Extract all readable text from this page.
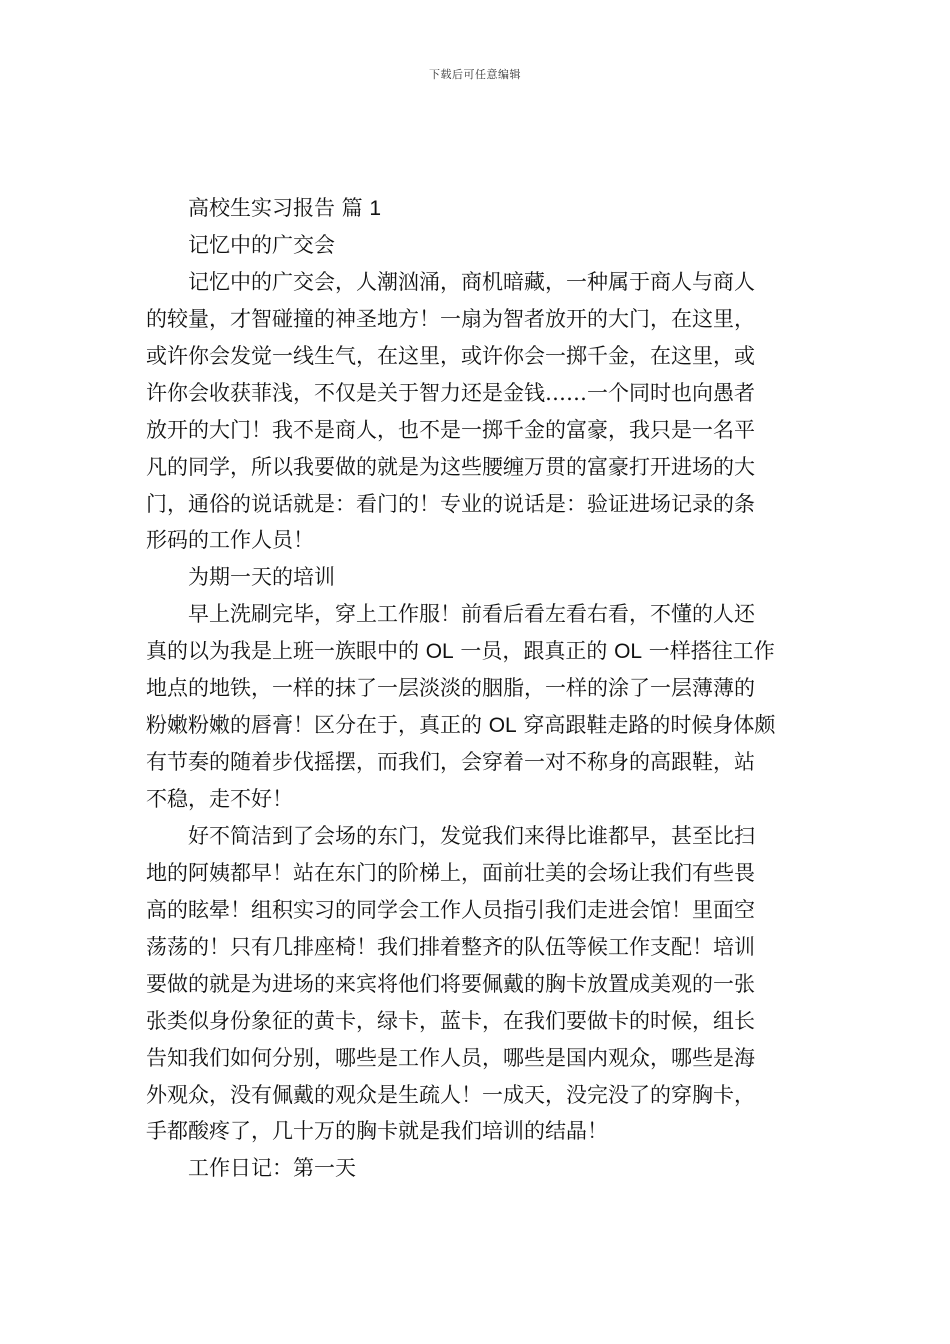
下载后可任意编辑
高校生实习报告 篇 1
记忆中的广交会
记忆中的广交会，人潮汹涌，商机暗藏，一种属于商人与商人
的较量，才智碰撞的神圣地方！一扇为智者放开的大门，在这里，
或许你会发觉一线生气，在这里，或许你会一掷千金，在这里，或
许你会收获菲浅，不仅是关于智力还是金钱……一个同时也向愚者
放开的大门！我不是商人，也不是一掷千金的富豪，我只是一名平
凡的同学，所以我要做的就是为这些腰缠万贯的富豪打开进场的大
门，通俗的说话就是：看门的！专业的说话是：验证进场记录的条
形码的工作人员！
为期一天的培训
早上洗刷完毕，穿上工作服！前看后看左看右看，不懂的人还
真的以为我是上班一族眼中的 OL 一员，跟真正的 OL 一样搭往工作
地点的地铁，一样的抹了一层淡淡的胭脂，一样的涂了一层薄薄的
粉嫩粉嫩的唇膏！区分在于，真正的 OL 穿高跟鞋走路的时候身体颇
有节奏的随着步伐摇摆，而我们，会穿着一对不称身的高跟鞋，站
不稳，走不好！
好不简洁到了会场的东门，发觉我们来得比谁都早，甚至比扫
地的阿姨都早！站在东门的阶梯上，面前壮美的会场让我们有些畏
高的眩晕！组积实习的同学会工作人员指引我们走进会馆！里面空
荡荡的！只有几排座椅！我们排着整齐的队伍等候工作支配！培训
要做的就是为进场的来宾将他们将要佩戴的胸卡放置成美观的一张
张类似身份象征的黄卡，绿卡，蓝卡，在我们要做卡的时候，组长
告知我们如何分别，哪些是工作人员，哪些是国内观众，哪些是海
外观众，没有佩戴的观众是生疏人！一成天，没完没了的穿胸卡，
手都酸疼了，几十万的胸卡就是我们培训的结晶！
工作日记：第一天
